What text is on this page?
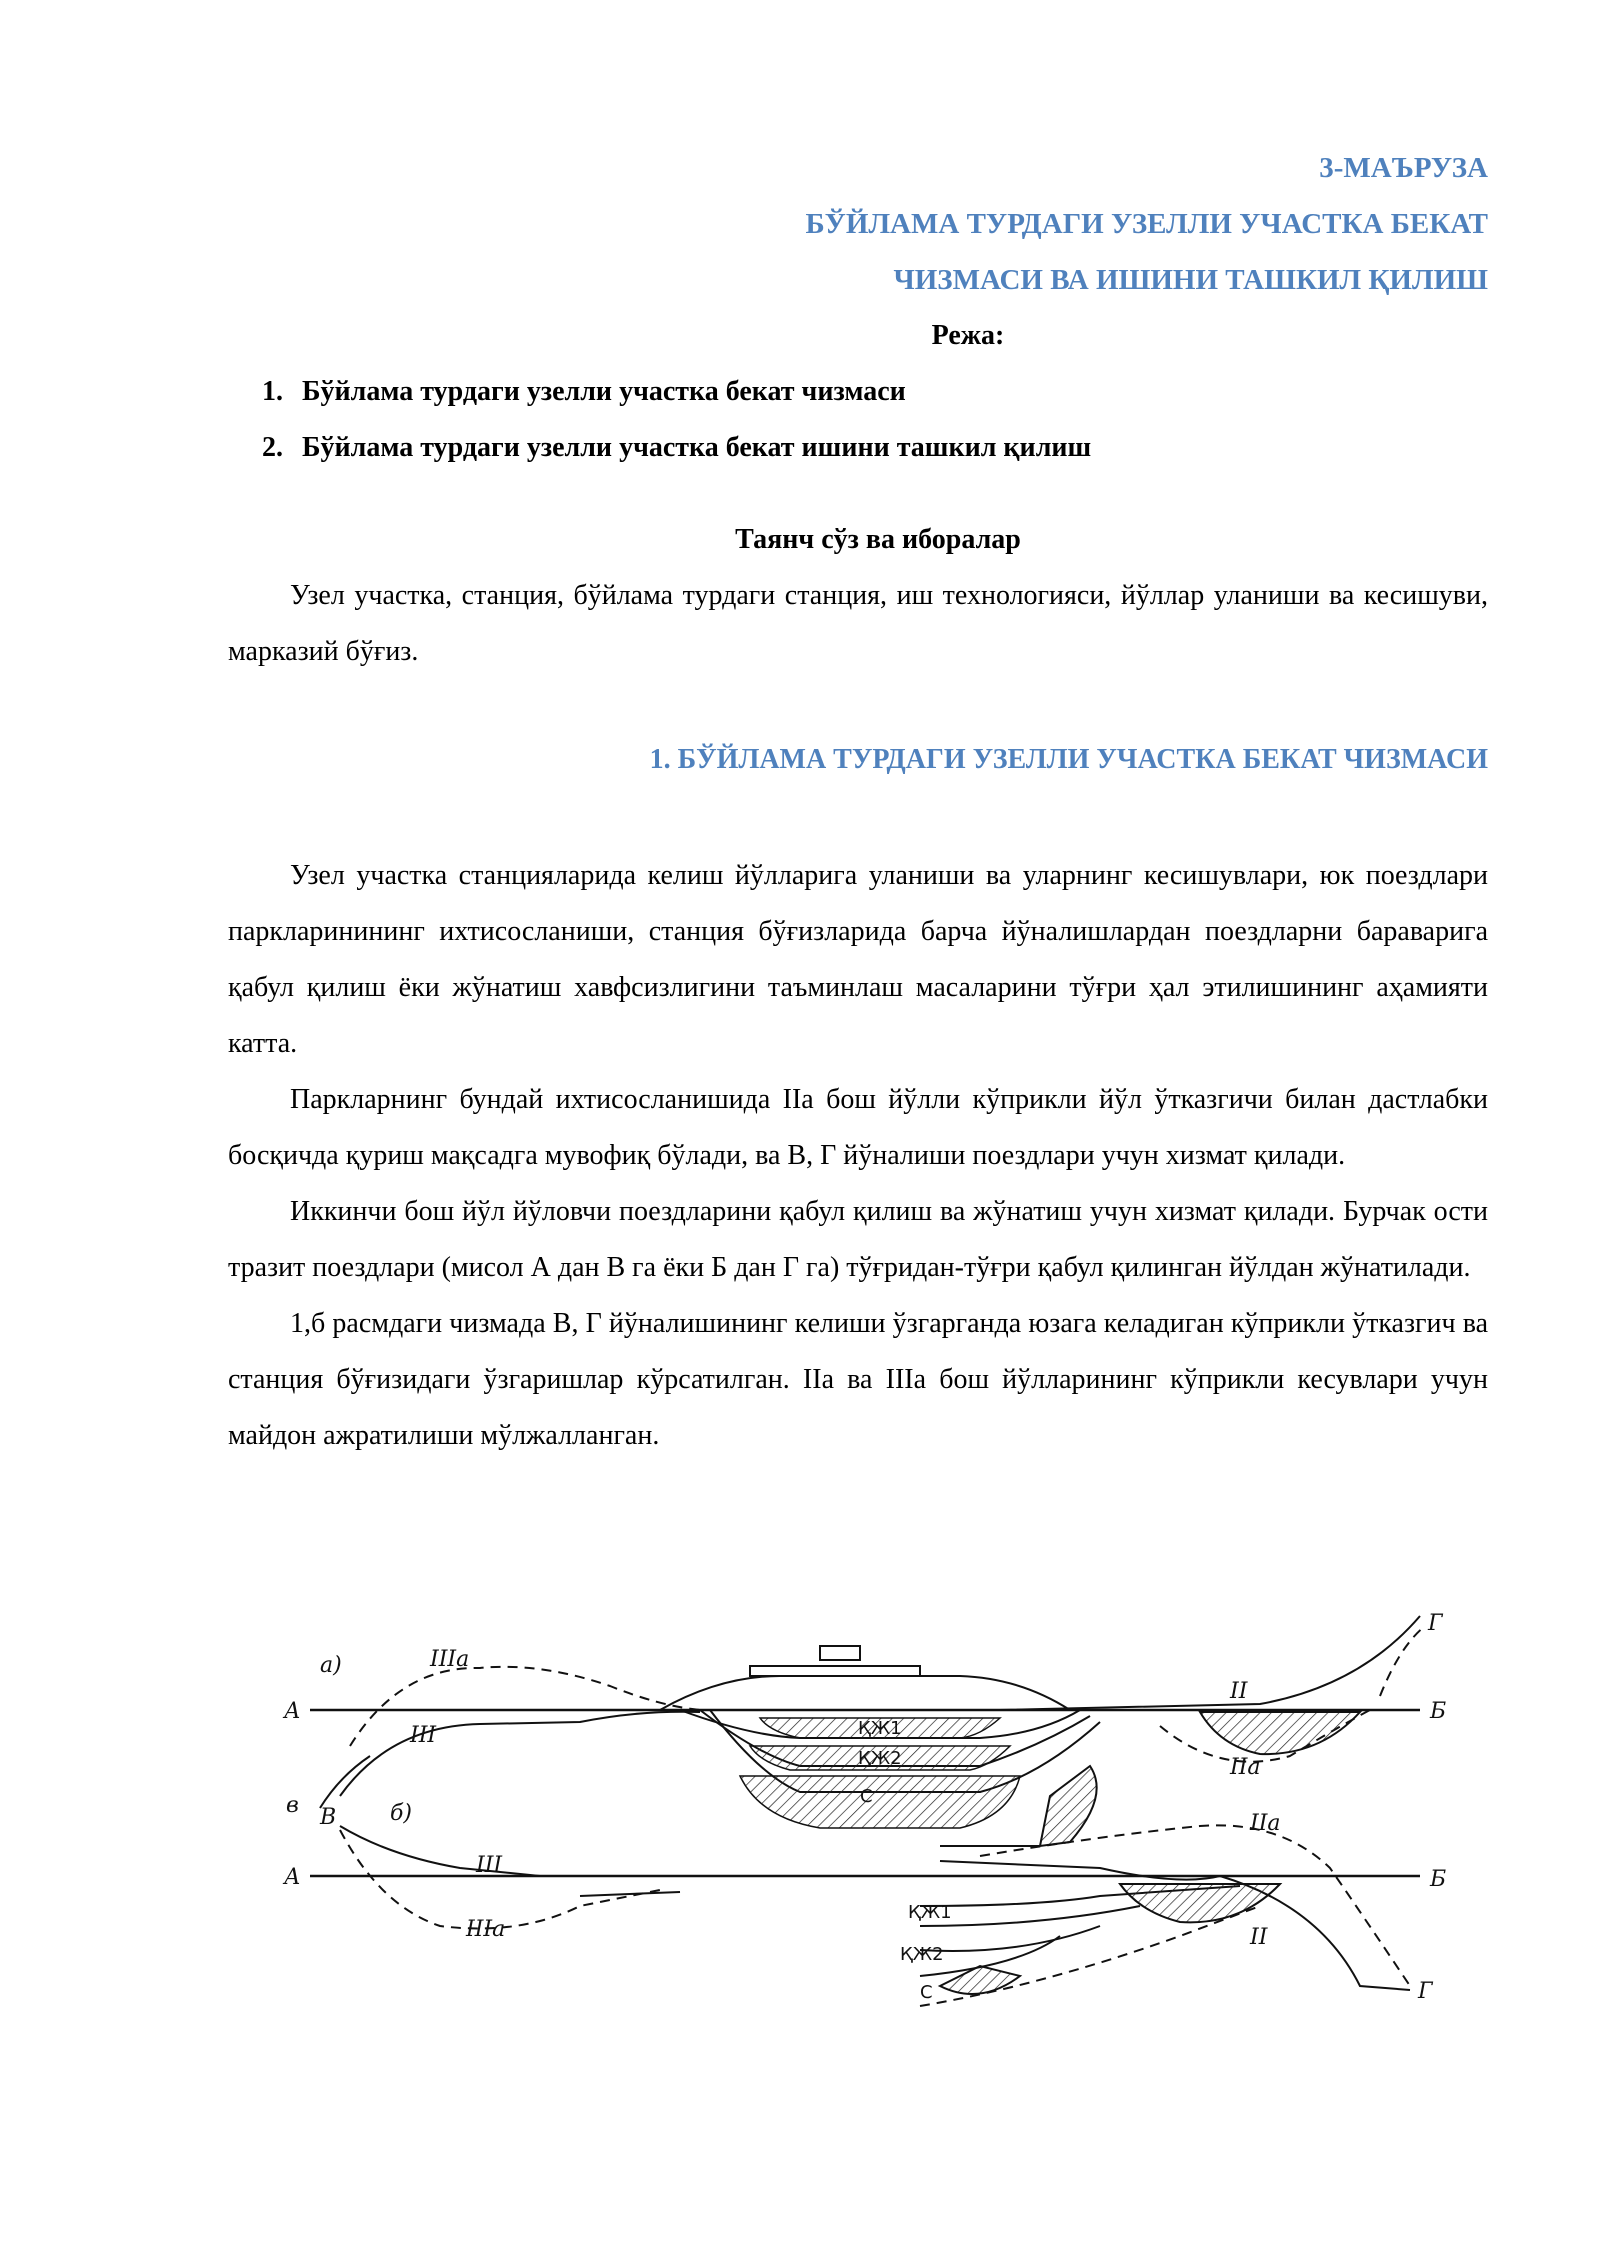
3-МАЪРУЗА

БЎЙЛАМА ТУРДАГИ УЗЕЛЛИ УЧАСТКА БЕКАТ

ЧИЗМАСИ ВА ИШИНИ ТАШКИЛ ҚИЛИШ

Режа:

1. Бўйлама турдаги узелли участка бекат чизмаси
2. Бўйлама турдаги узелли участка бекат ишини ташкил қилиш

Таянч сўз ва иборалар

Узел участка, станция, бўйлама турдаги станция, иш технологияси, йўллар уланиши ва кесишуви, марказий бўғиз.

1. БЎЙЛАМА ТУРДАГИ УЗЕЛЛИ УЧАСТКА БЕКАТ ЧИЗМАСИ

Узел участка станцияларида келиш йўлларига уланиши ва уларнинг кесишувлари, юк поездлари паркларинининг ихтисосланиши, станция бўғизларида барча йўналишлардан поездларни бараварига қабул қилиш ёки жўнатиш хавфсизлигини таъминлаш масаларини тўғри ҳал этилишининг аҳамияти катта.

Паркларнинг бундай ихтисосланишида IIа бош йўлли кўприкли йўл ўтказгичи билан дастлабки босқичда қуриш мақсадга мувофиқ бўлади, ва В, Г йўналиши поездлари учун хизмат қилади.

Иккинчи бош йўл йўловчи поездларини қабул қилиш ва жўнатиш учун хизмат қилади. Бурчак ости тразит поездлари (мисол А дан В га ёки Б дан Г га) тўғридан-тўғри қабул қилинган йўлдан жўнатилади.

1,б расмдаги чизмада В, Г йўналишининг келиши ўзгарганда юзага келадиган кўприкли ўтказгич ва станция бўғизидаги ўзгаришлар кўрсатилган. IIа ва IIIа бош йўлларининг кўприкли кесувлари учун майдон ажратилиши мўлжалланган.

а)
А	Б
Г
в
IIIа
III
II
IIа
ҚЖ1
ҚЖ2
С
б)
А	Б
В
Г
III
IIIа
IIа
II
ҚЖ1
ҚЖ2
С
